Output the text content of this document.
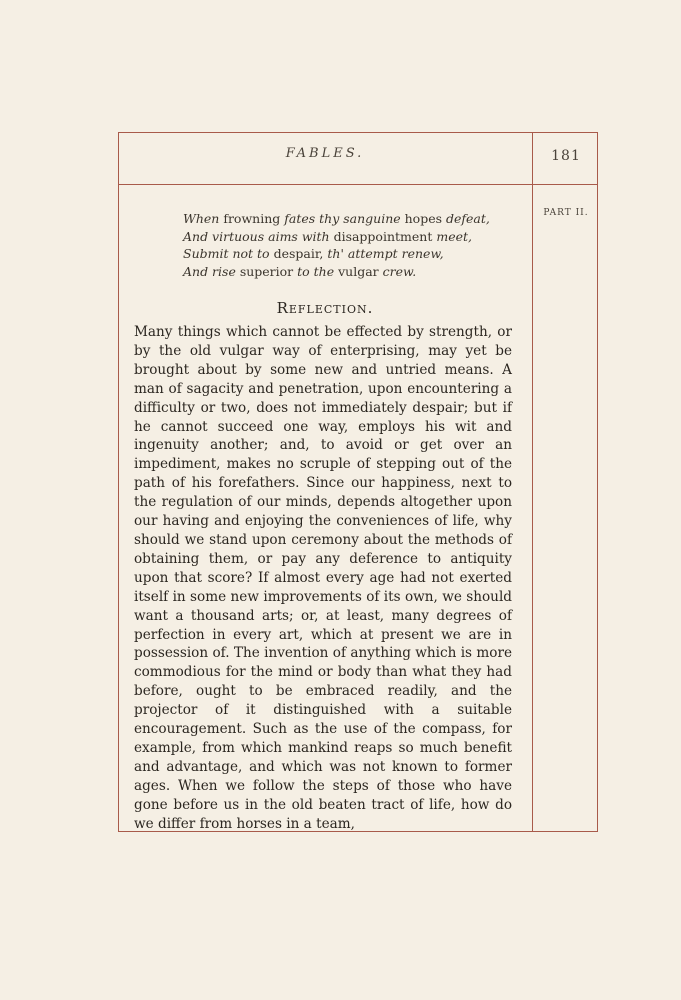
FABLES.	181
PART II.
When frowning fates thy sanguine hopes defeat,
And virtuous aims with disappointment meet,
Submit not to despair, th' attempt renew,
And rise superior to the vulgar crew.
Reflection.
Many things which cannot be effected by strength, or by the old vulgar way of enterprising, may yet be brought about by some new and untried means. A man of sagacity and penetration, upon encountering a difficulty or two, does not immediately despair; but if he cannot succeed one way, employs his wit and ingenuity another; and, to avoid or get over an impediment, makes no scruple of stepping out of the path of his forefathers. Since our happiness, next to the regulation of our minds, depends altogether upon our having and enjoying the conveniences of life, why should we stand upon ceremony about the methods of obtaining them, or pay any deference to antiquity upon that score? If almost every age had not exerted itself in some new improvements of its own, we should want a thousand arts; or, at least, many degrees of perfection in every art, which at present we are in possession of. The invention of anything which is more commodious for the mind or body than what they had before, ought to be embraced readily, and the projector of it distinguished with a suitable encouragement. Such as the use of the compass, for example, from which mankind reaps so much benefit and advantage, and which was not known to former ages. When we follow the steps of those who have gone before us in the old beaten tract of life, how do we differ from horses in a team,
